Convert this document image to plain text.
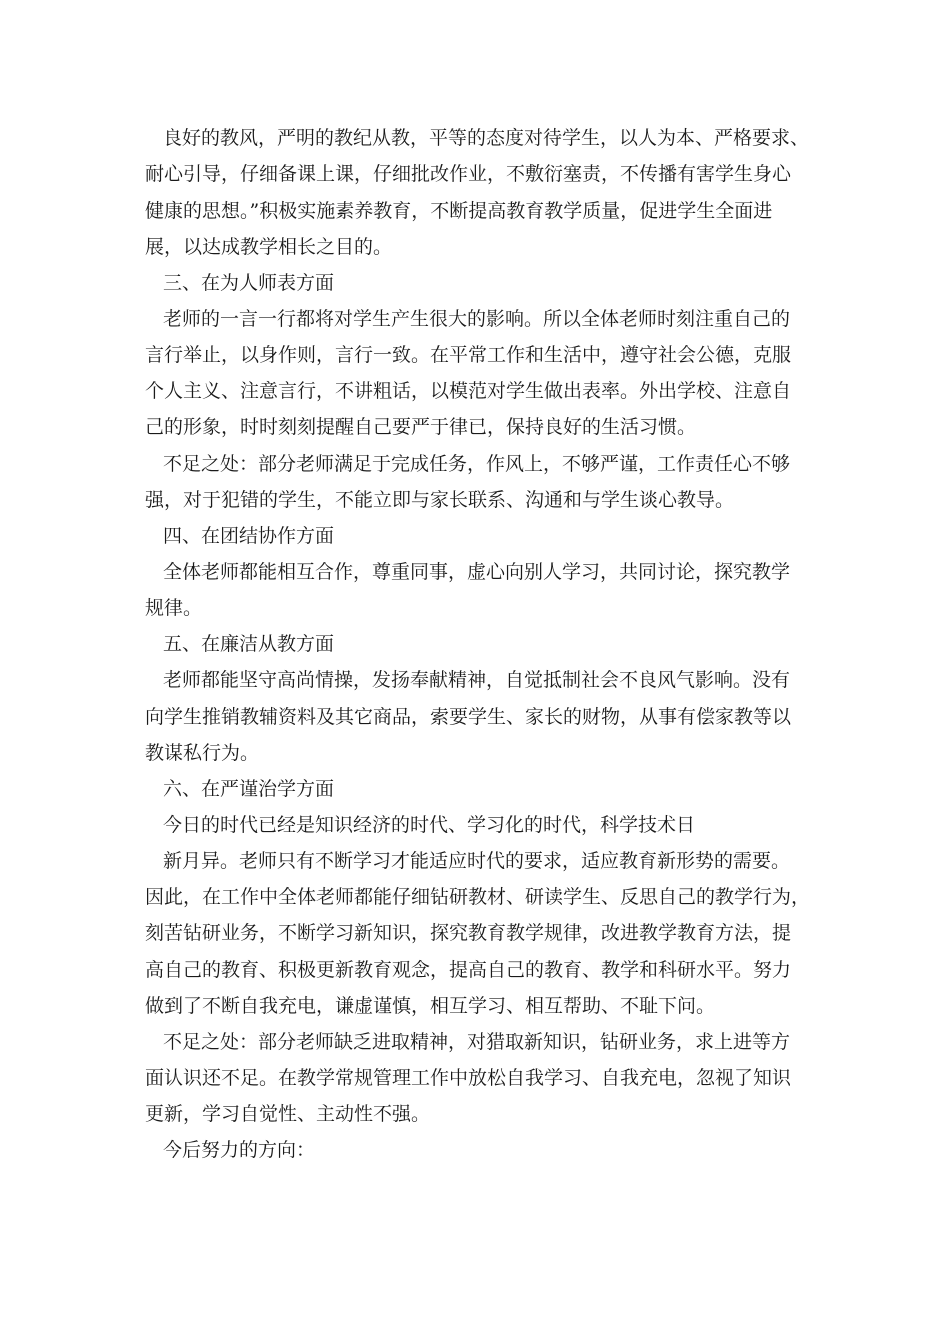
良好的教风，严明的教纪从教，平等的态度对待学生，以人为本、严格要求、
耐心引导，仔细备课上课，仔细批改作业，不敷衍塞责，不传播有害学生身心
健康的思想。”积极实施素养教育，不断提高教育教学质量，促进学生全面进
展，以达成教学相长之目的。
三、在为人师表方面
老师的一言一行都将对学生产生很大的影响。所以全体老师时刻注重自己的
言行举止，以身作则，言行一致。在平常工作和生活中，遵守社会公德，克服
个人主义、注意言行，不讲粗话，以模范对学生做出表率。外出学校、注意自
己的形象，时时刻刻提醒自己要严于律已，保持良好的生活习惯。
不足之处：部分老师满足于完成任务，作风上，不够严谨，工作责任心不够
强，对于犯错的学生，不能立即与家长联系、沟通和与学生谈心教导。
四、在团结协作方面
全体老师都能相互合作，尊重同事，虚心向别人学习，共同讨论，探究教学
规律。
五、在廉洁从教方面
老师都能坚守高尚情操，发扬奉献精神，自觉抵制社会不良风气影响。没有
向学生推销教辅资料及其它商品，索要学生、家长的财物，从事有偿家教等以
教谋私行为。
六、在严谨治学方面
今日的时代已经是知识经济的时代、学习化的时代，科学技术日
新月异。老师只有不断学习才能适应时代的要求，适应教育新形势的需要。
因此，在工作中全体老师都能仔细钻研教材、研读学生、反思自己的教学行为，
刻苦钻研业务，不断学习新知识，探究教育教学规律，改进教学教育方法，提
高自己的教育、积极更新教育观念，提高自己的教育、教学和科研水平。努力
做到了不断自我充电，谦虚谨慎，相互学习、相互帮助、不耻下问。
不足之处：部分老师缺乏进取精神，对猎取新知识，钻研业务，求上进等方
面认识还不足。在教学常规管理工作中放松自我学习、自我充电，忽视了知识
更新，学习自觉性、主动性不强。
今后努力的方向：
